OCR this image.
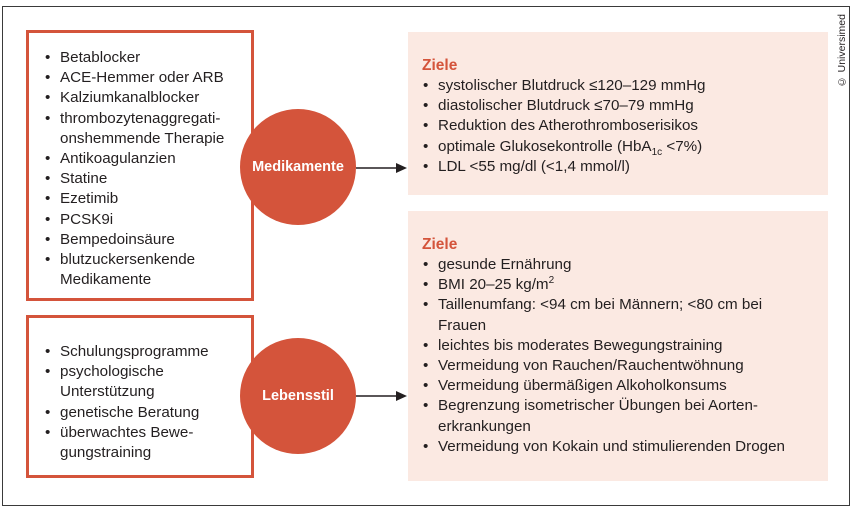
© Universimed
• Betablocker
• ACE-Hemmer oder ARB
• Kalziumkanalblocker
• thrombozytenaggregati-
onshemmende Therapie
• Antikoagulanzien
• Statine
• Ezetimib
• PCSK9i
• Bempedoinsäure
• blutzuckersenkende
Medikamente
• Schulungsprogramme
• psychologische
Unterstützung
• genetische Beratung
• überwachtes Bewe-
gungstraining
Medikamente
Lebensstil
Ziele
• systolischer Blutdruck ≤120–129 mmHg
• diastolischer Blutdruck ≤70–79 mmHg
• Reduktion des Atherothromboserisikos
• optimale Glukosekontrolle (HbA$_{1c}$ <7%)
• LDL <55 mg/dl (<1,4 mmol/l)
Ziele
• gesunde Ernährung
• BMI 20–25 $kg/m^2$
• Taillenumfang: <94 cm bei Männern; <80 cm bei
Frauen
• leichtes bis moderates Bewegungstraining
• Vermeidung von Rauchen/Rauchentwöhnung
• Vermeidung übermäßigen Alkoholkonsums
• Begrenzung isometrischer Übungen bei Aorten-
erkrankungen
• Vermeidung von Kokain und stimulierenden Drogen
